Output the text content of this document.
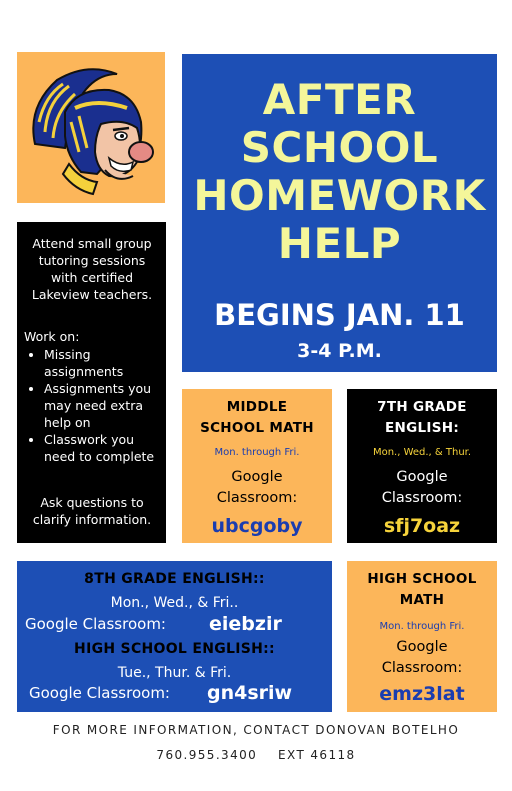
AFTER
SCHOOL
HOMEWORK
HELP
BEGINS JAN. 11
3-4 P.M.

Attend small group tutoring sessions with certified Lakeview teachers.

Work on:

• Missing assignments
• Assignments you may need extra help on
• Classwork you need to complete

Ask questions to clarify information.

MIDDLE SCHOOL MATH
Mon. through Fri.
Google Classroom:
ubcgoby
7TH GRADE ENGLISH:
Mon., Wed., & Thur.
Google Classroom:
sfj7oaz
8TH GRADE ENGLISH::
Mon., Wed., & Fri..
Google Classroom: eiebzir
HIGH SCHOOL ENGLISH::
Tue., Thur. & Fri.
Google Classroom: gn4sriw
HIGH SCHOOL MATH
Mon. through Fri.
Google Classroom:
emz3lat
FOR MORE INFORMATION, CONTACT DONOVAN BOTELHO
760.955.3400    EXT 46118
